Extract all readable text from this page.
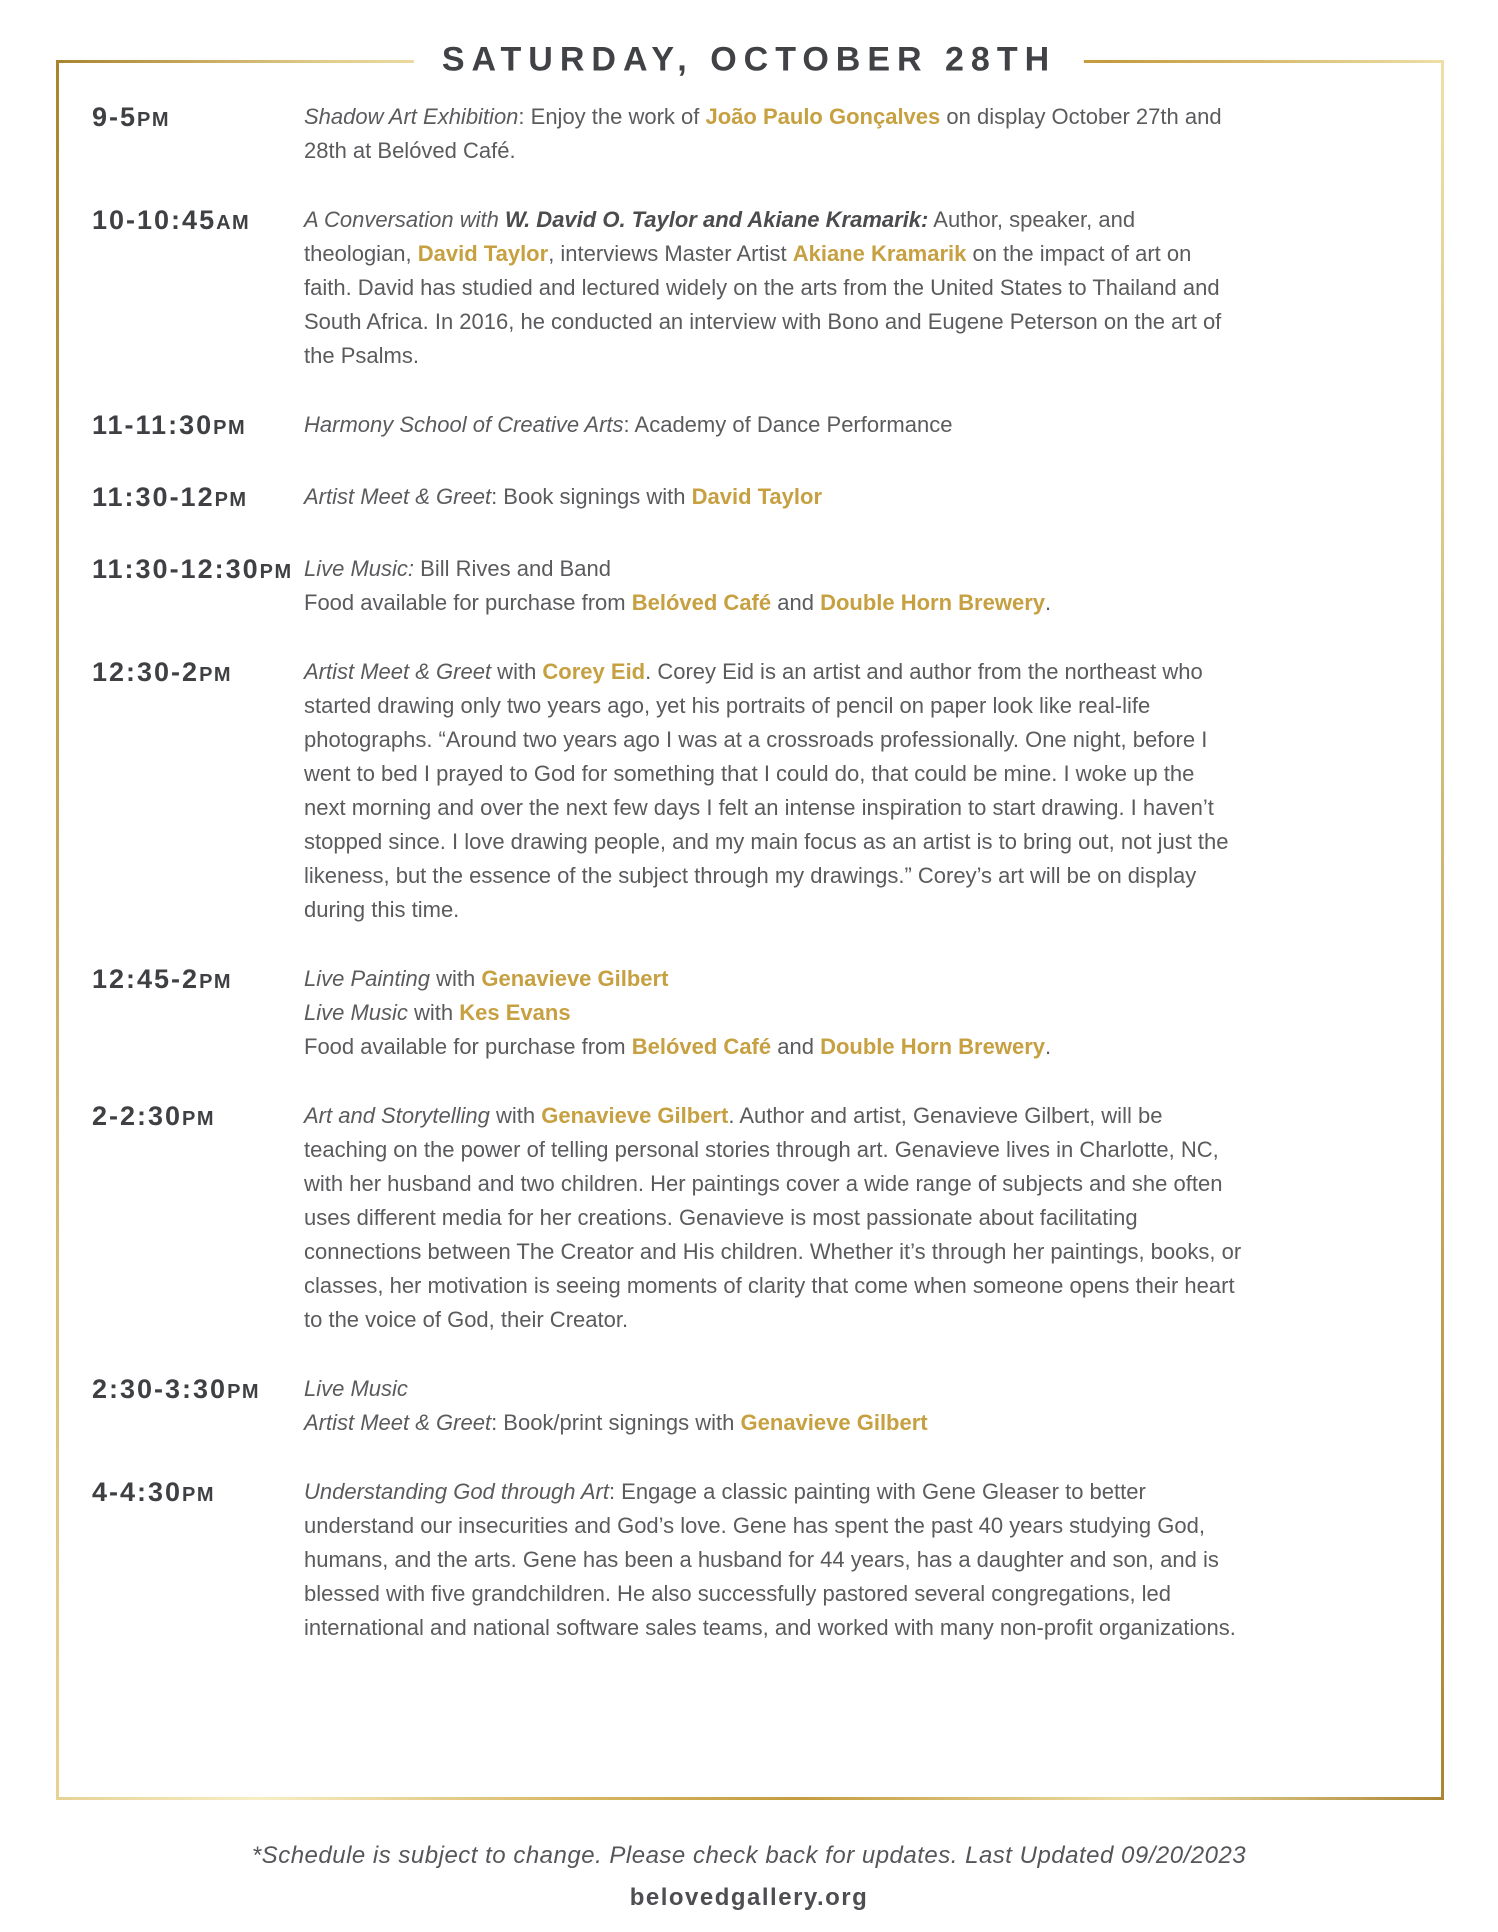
SATURDAY, OCTOBER 28TH
9-5PM	Shadow Art Exhibition: Enjoy the work of João Paulo Gonçalves on display October 27th and 28th at Belóved Café.

10-10:45AM	A Conversation with W. David O. Taylor and Akiane Kramarik: Author, speaker, and theologian, David Taylor, interviews Master Artist Akiane Kramarik on the impact of art on faith. David has studied and lectured widely on the arts from the United States to Thailand and South Africa. In 2016, he conducted an interview with Bono and Eugene Peterson on the art of the Psalms.

11-11:30PM	Harmony School of Creative Arts: Academy of Dance Performance

11:30-12PM	Artist Meet & Greet: Book signings with David Taylor

11:30-12:30PM Live Music: Bill Rives and Band

Food available for purchase from Belóved Café and Double Horn Brewery.

12:30-2PM	Artist Meet & Greet with Corey Eid. Corey Eid is an artist and author from the northeast who started drawing only two years ago, yet his portraits of pencil on paper look like real-life photographs. “Around two years ago I was at a crossroads professionally. One night, before I went to bed I prayed to God for something that I could do, that could be mine. I woke up the next morning and over the next few days I felt an intense inspiration to start drawing. I haven’t stopped since. I love drawing people, and my main focus as an artist is to bring out, not just the likeness, but the essence of the subject through my drawings.” Corey’s art will be on display during this time.

12:45-2PM	Live Painting with Genavieve Gilbert

Live Music with Kes Evans

Food available for purchase from Belóved Café and Double Horn Brewery.

2-2:30PM	Art and Storytelling with Genavieve Gilbert. Author and artist, Genavieve Gilbert, will be teaching on the power of telling personal stories through art. Genavieve lives in Charlotte, NC, with her husband and two children. Her paintings cover a wide range of subjects and she often uses different media for her creations. Genavieve is most passionate about facilitating connections between The Creator and His children. Whether it’s through her paintings, books, or classes, her motivation is seeing moments of clarity that come when someone opens their heart to the voice of God, their Creator.

2:30-3:30PM	Live Music

Artist Meet & Greet: Book/print signings with Genavieve Gilbert

4-4:30PM	Understanding God through Art: Engage a classic painting with Gene Gleaser to better understand our insecurities and God’s love. Gene has spent the past 40 years studying God, humans, and the arts. Gene has been a husband for 44 years, has a daughter and son, and is blessed with five grandchildren. He also successfully pastored several congregations, led international and national software sales teams, and worked with many non-profit organizations.

*Schedule is subject to change. Please check back for updates. Last Updated 09/20/2023
belovedgallery.org
